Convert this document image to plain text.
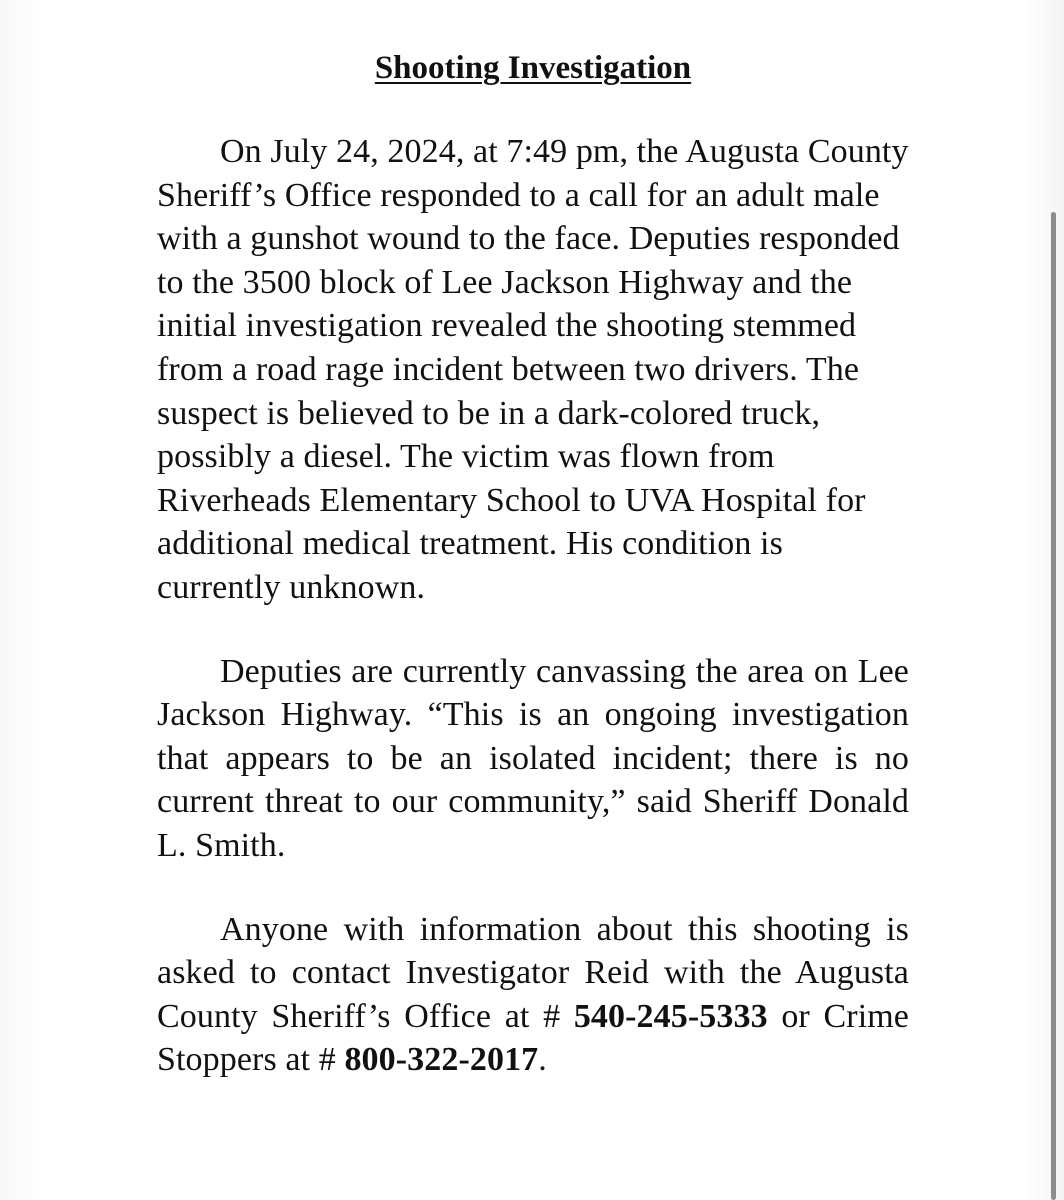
Shooting Investigation

On July 24, 2024, at 7:49 pm, the Augusta County Sheriff’s Office responded to a call for an adult male with a gunshot wound to the face. Deputies responded to the 3500 block of Lee Jackson Highway and the initial investigation revealed the shooting stemmed from a road rage incident between two drivers. The suspect is believed to be in a dark-colored truck, possibly a diesel. The victim was flown from Riverheads Elementary School to UVA Hospital for additional medical treatment. His condition is currently unknown.

Deputies are currently canvassing the area on Lee Jackson Highway. “This is an ongoing investigation that appears to be an isolated incident; there is no current threat to our community,” said Sheriff Donald L. Smith.

Anyone with information about this shooting is asked to contact Investigator Reid with the Augusta County Sheriff’s Office at # 540-245-5333 or Crime Stoppers at # 800-322-2017.
